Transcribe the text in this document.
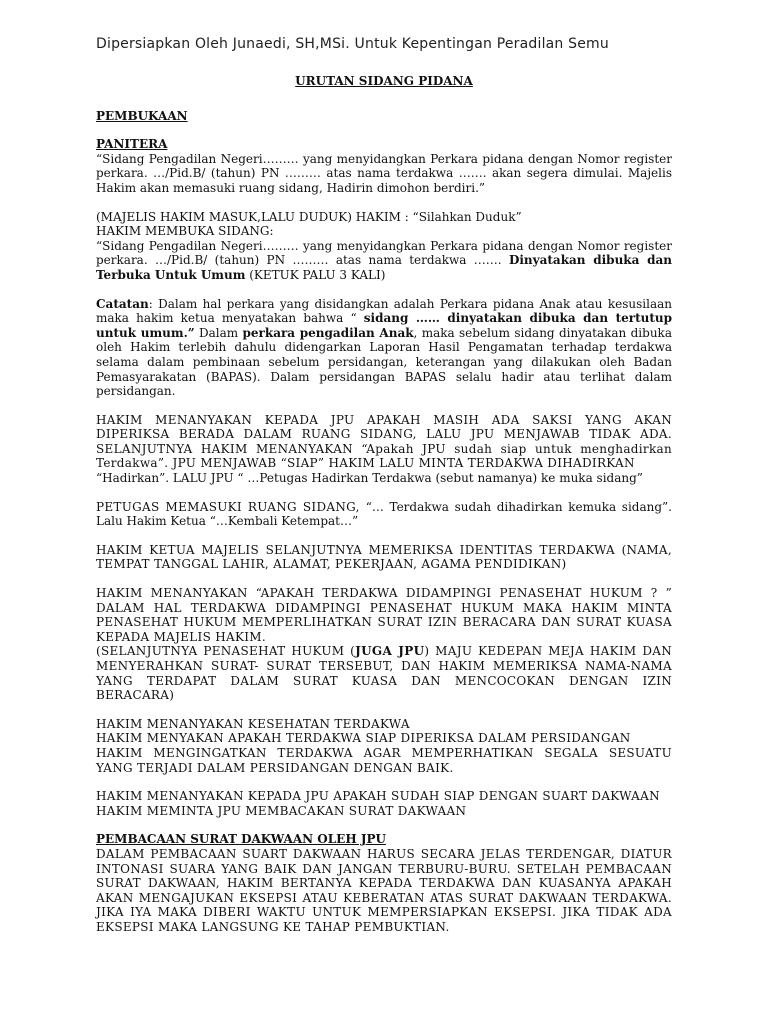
Dipersiapkan Oleh Junaedi, SH,MSi. Untuk Kepentingan Peradilan Semu
URUTAN SIDANG PIDANA
PEMBUKAAN
PANITERA

“Sidang Pengadilan Negeri……… yang menyidangkan Perkara pidana dengan Nomor register perkara. …/Pid.B/ (tahun) PN ……… atas nama terdakwa ……. akan segera dimulai. Majelis Hakim akan memasuki ruang sidang, Hadirin dimohon berdiri.”

(MAJELIS HAKIM MASUK,LALU DUDUK) HAKIM : “Silahkan Duduk”

HAKIM MEMBUKA SIDANG:

“Sidang Pengadilan Negeri……… yang menyidangkan Perkara pidana dengan Nomor register perkara. …/Pid.B/ (tahun) PN ……… atas nama terdakwa ……. Dinyatakan dibuka dan Terbuka Untuk Umum (KETUK PALU 3 KALI)

Catatan: Dalam hal perkara yang disidangkan adalah Perkara pidana Anak atau kesusilaan maka hakim ketua menyatakan bahwa “ sidang …… dinyatakan dibuka dan tertutup untuk umum.” Dalam perkara pengadilan Anak, maka sebelum sidang dinyatakan dibuka oleh Hakim terlebih dahulu didengarkan Laporan Hasil Pengamatan terhadap terdakwa selama dalam pembinaan sebelum persidangan, keterangan yang dilakukan oleh Badan Pemasyarakatan (BAPAS). Dalam persidangan BAPAS selalu hadir atau terlihat dalam persidangan.

HAKIM MENANYAKAN KEPADA JPU APAKAH MASIH ADA SAKSI YANG AKAN DIPERIKSA BERADA DALAM RUANG SIDANG, LALU JPU MENJAWAB TIDAK ADA. SELANJUTNYA HAKIM MENANYAKAN “Apakah JPU sudah siap untuk menghadirkan Terdakwa”. JPU MENJAWAB “SIAP” HAKIM LALU MINTA TERDAKWA DIHADIRKAN

“Hadirkan”. LALU JPU “ …Petugas Hadirkan Terdakwa (sebut namanya) ke muka sidang”

PETUGAS MEMASUKI RUANG SIDANG, “… Terdakwa sudah dihadirkan kemuka sidang”. Lalu Hakim Ketua “…Kembali Ketempat…”

HAKIM KETUA MAJELIS SELANJUTNYA MEMERIKSA IDENTITAS TERDAKWA (NAMA, TEMPAT TANGGAL LAHIR, ALAMAT, PEKERJAAN, AGAMA PENDIDIKAN)

HAKIM MENANYAKAN “APAKAH TERDAKWA DIDAMPINGI PENASEHAT HUKUM ? ” DALAM HAL TERDAKWA DIDAMPINGI PENASEHAT HUKUM MAKA HAKIM MINTA PENASEHAT HUKUM MEMPERLIHATKAN SURAT IZIN BERACARA DAN SURAT KUASA KEPADA MAJELIS HAKIM.

(SELANJUTNYA PENASEHAT HUKUM (JUGA JPU) MAJU KEDEPAN MEJA HAKIM DAN MENYERAHKAN SURAT- SURAT TERSEBUT, DAN HAKIM MEMERIKSA NAMA-NAMA YANG TERDAPAT DALAM SURAT KUASA DAN MENCOCOKAN DENGAN IZIN BERACARA)

HAKIM MENANYAKAN KESEHATAN TERDAKWA

HAKIM MENYAKAN APAKAH TERDAKWA SIAP DIPERIKSA DALAM PERSIDANGAN

HAKIM MENGINGATKAN TERDAKWA AGAR MEMPERHATIKAN SEGALA SESUATU YANG TERJADI DALAM PERSIDANGAN DENGAN BAIK.

HAKIM MENANYAKAN KEPADA JPU APAKAH SUDAH SIAP DENGAN SUART DAKWAAN

HAKIM MEMINTA JPU MEMBACAKAN SURAT DAKWAAN

PEMBACAAN SURAT DAKWAAN OLEH JPU

DALAM PEMBACAAN SUART DAKWAAN HARUS SECARA JELAS TERDENGAR, DIATUR INTONASI SUARA YANG BAIK DAN JANGAN TERBURU-BURU. SETELAH PEMBACAAN SURAT DAKWAAN, HAKIM BERTANYA KEPADA TERDAKWA DAN KUASANYA APAKAH AKAN MENGAJUKAN EKSEPSI ATAU KEBERATAN ATAS SURAT DAKWAAN TERDAKWA. JIKA IYA MAKA DIBERI WAKTU UNTUK MEMPERSIAPKAN EKSEPSI. JIKA TIDAK ADA EKSEPSI MAKA LANGSUNG KE TAHAP PEMBUKTIAN.
